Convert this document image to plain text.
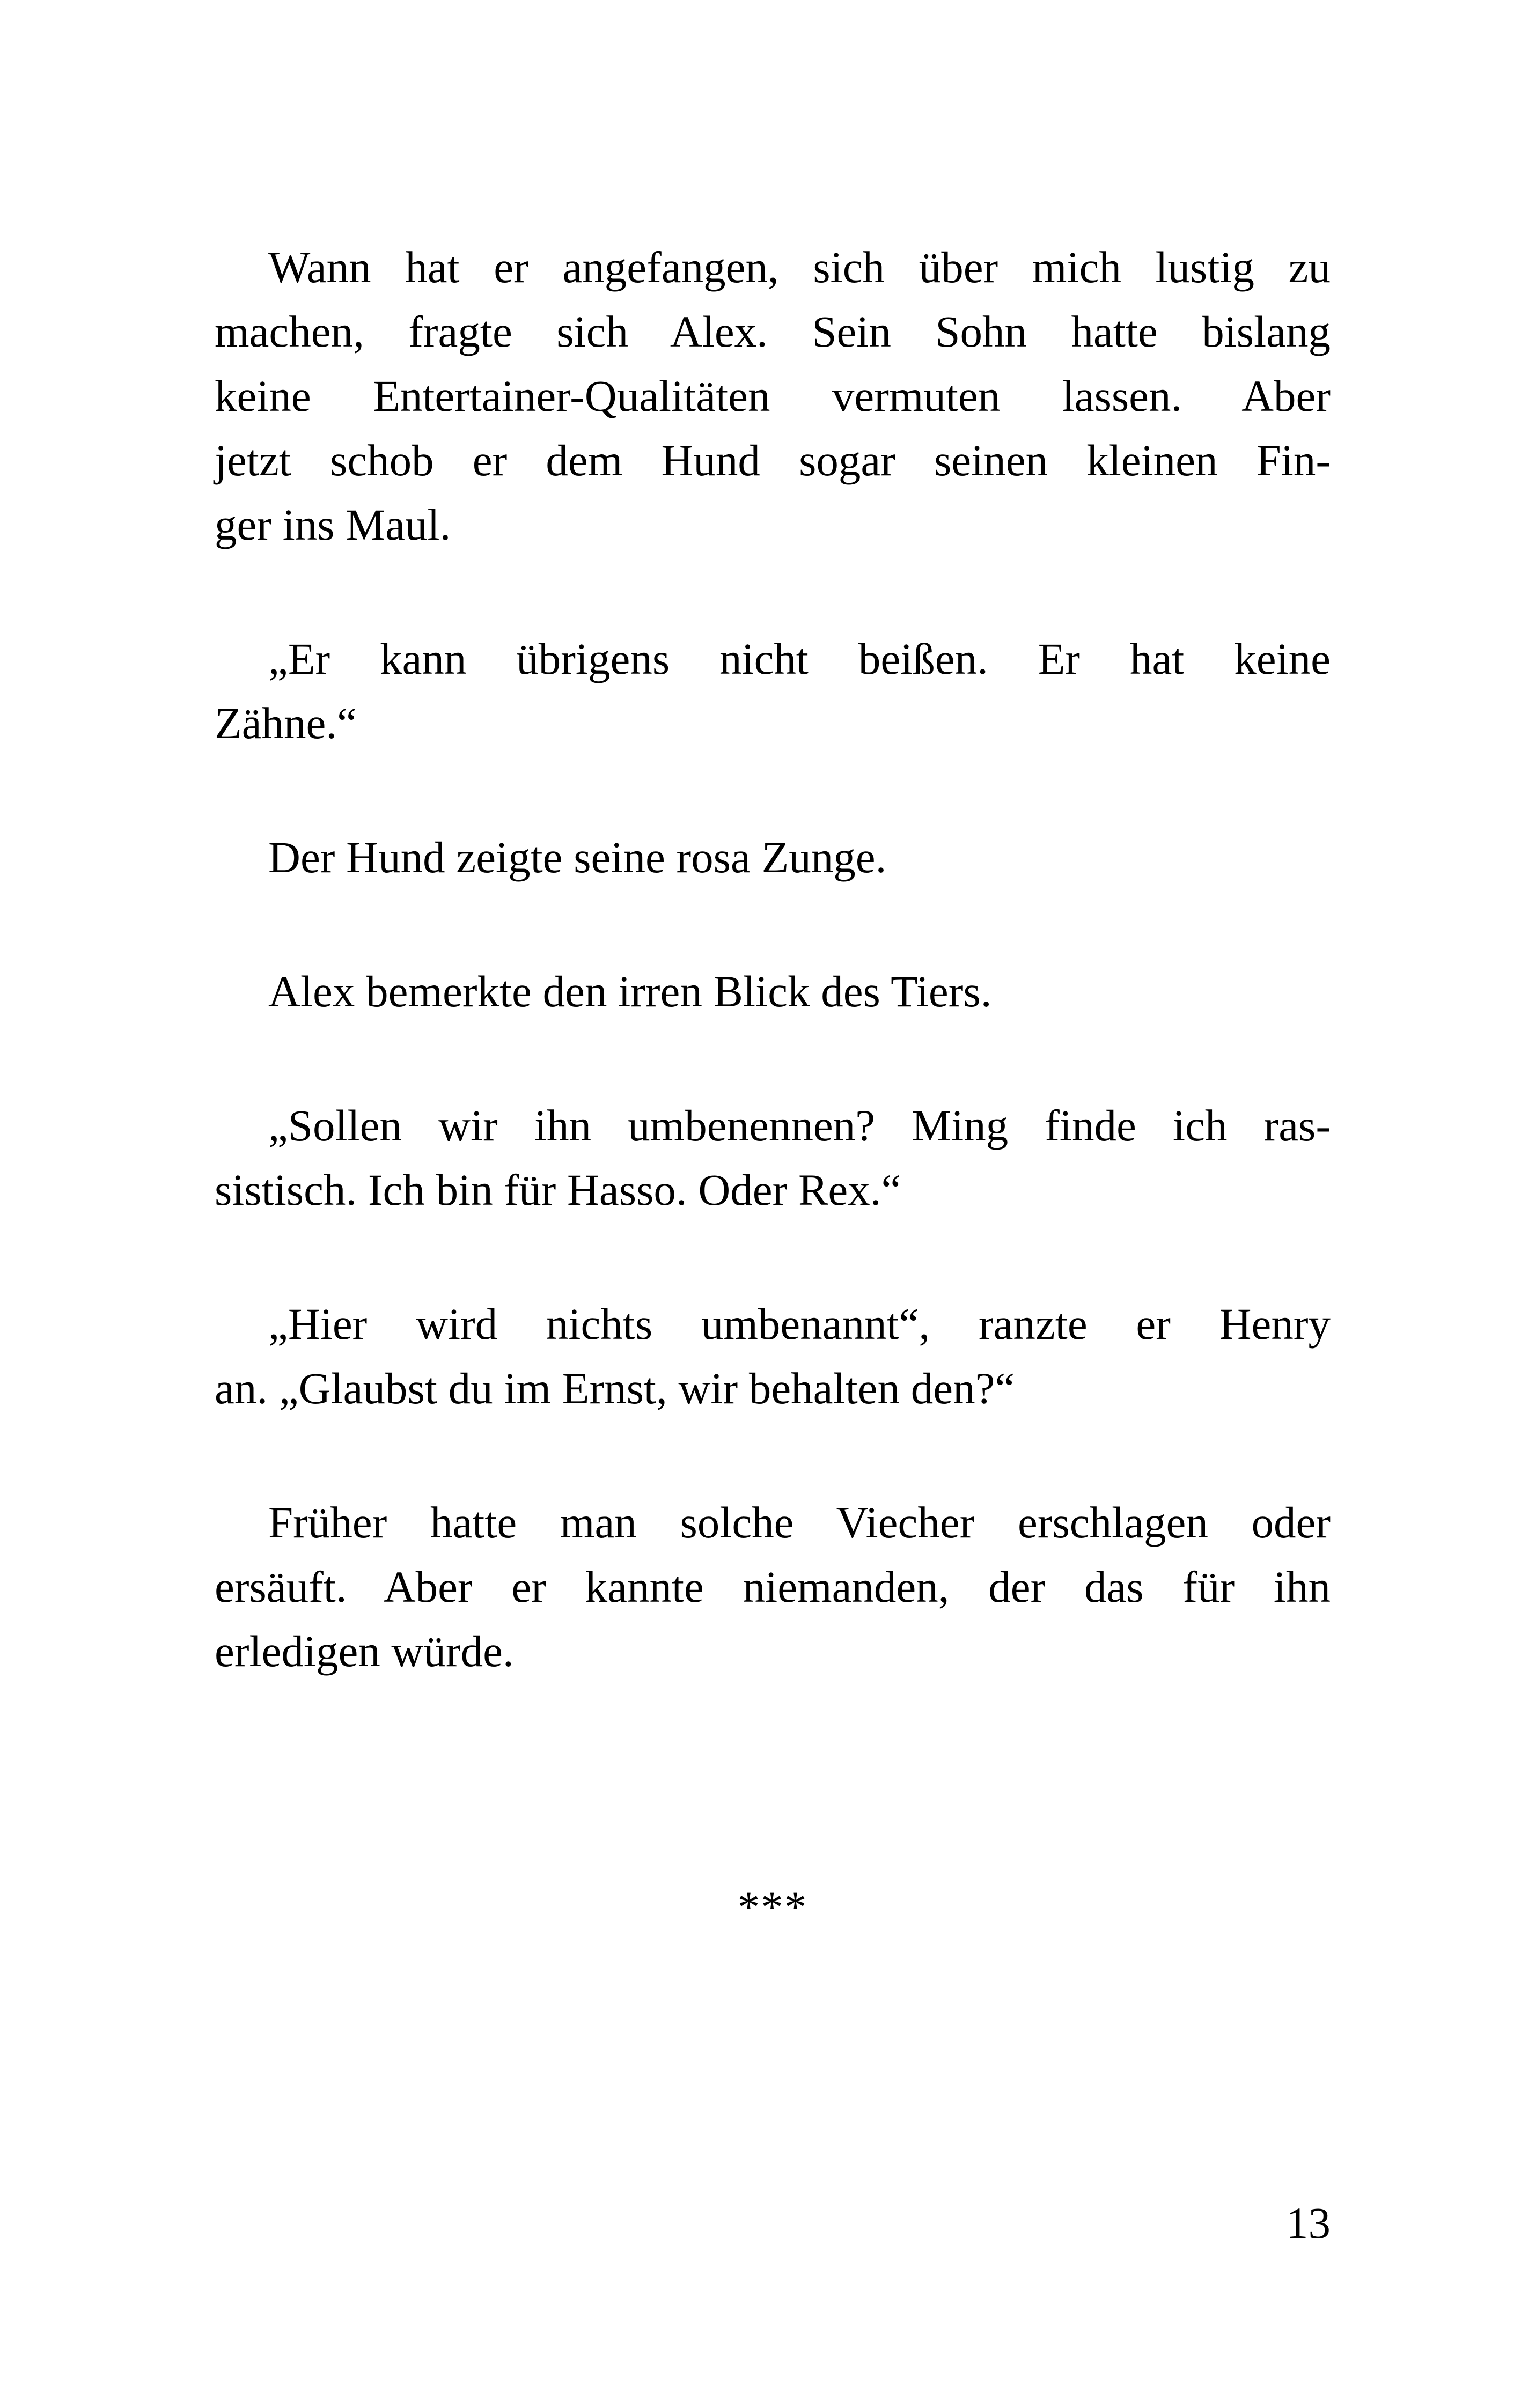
Wann hat er angefangen, sich über mich lustig zu
machen, fragte sich Alex. Sein Sohn hatte bislang
keine Entertainer-Qualitäten vermuten lassen. Aber
jetzt schob er dem Hund sogar seinen kleinen Fin-
ger ins Maul.
„Er kann übrigens nicht beißen. Er hat keine
Zähne.“
Der Hund zeigte seine rosa Zunge.
Alex bemerkte den irren Blick des Tiers.
„Sollen wir ihn umbenennen? Ming finde ich ras-
sistisch. Ich bin für Hasso. Oder Rex.“
„Hier wird nichts umbenannt“, ranzte er Henry
an. „Glaubst du im Ernst, wir behalten den?“
Früher hatte man solche Viecher erschlagen oder
ersäuft. Aber er kannte niemanden, der das für ihn
erledigen würde.
***
13
